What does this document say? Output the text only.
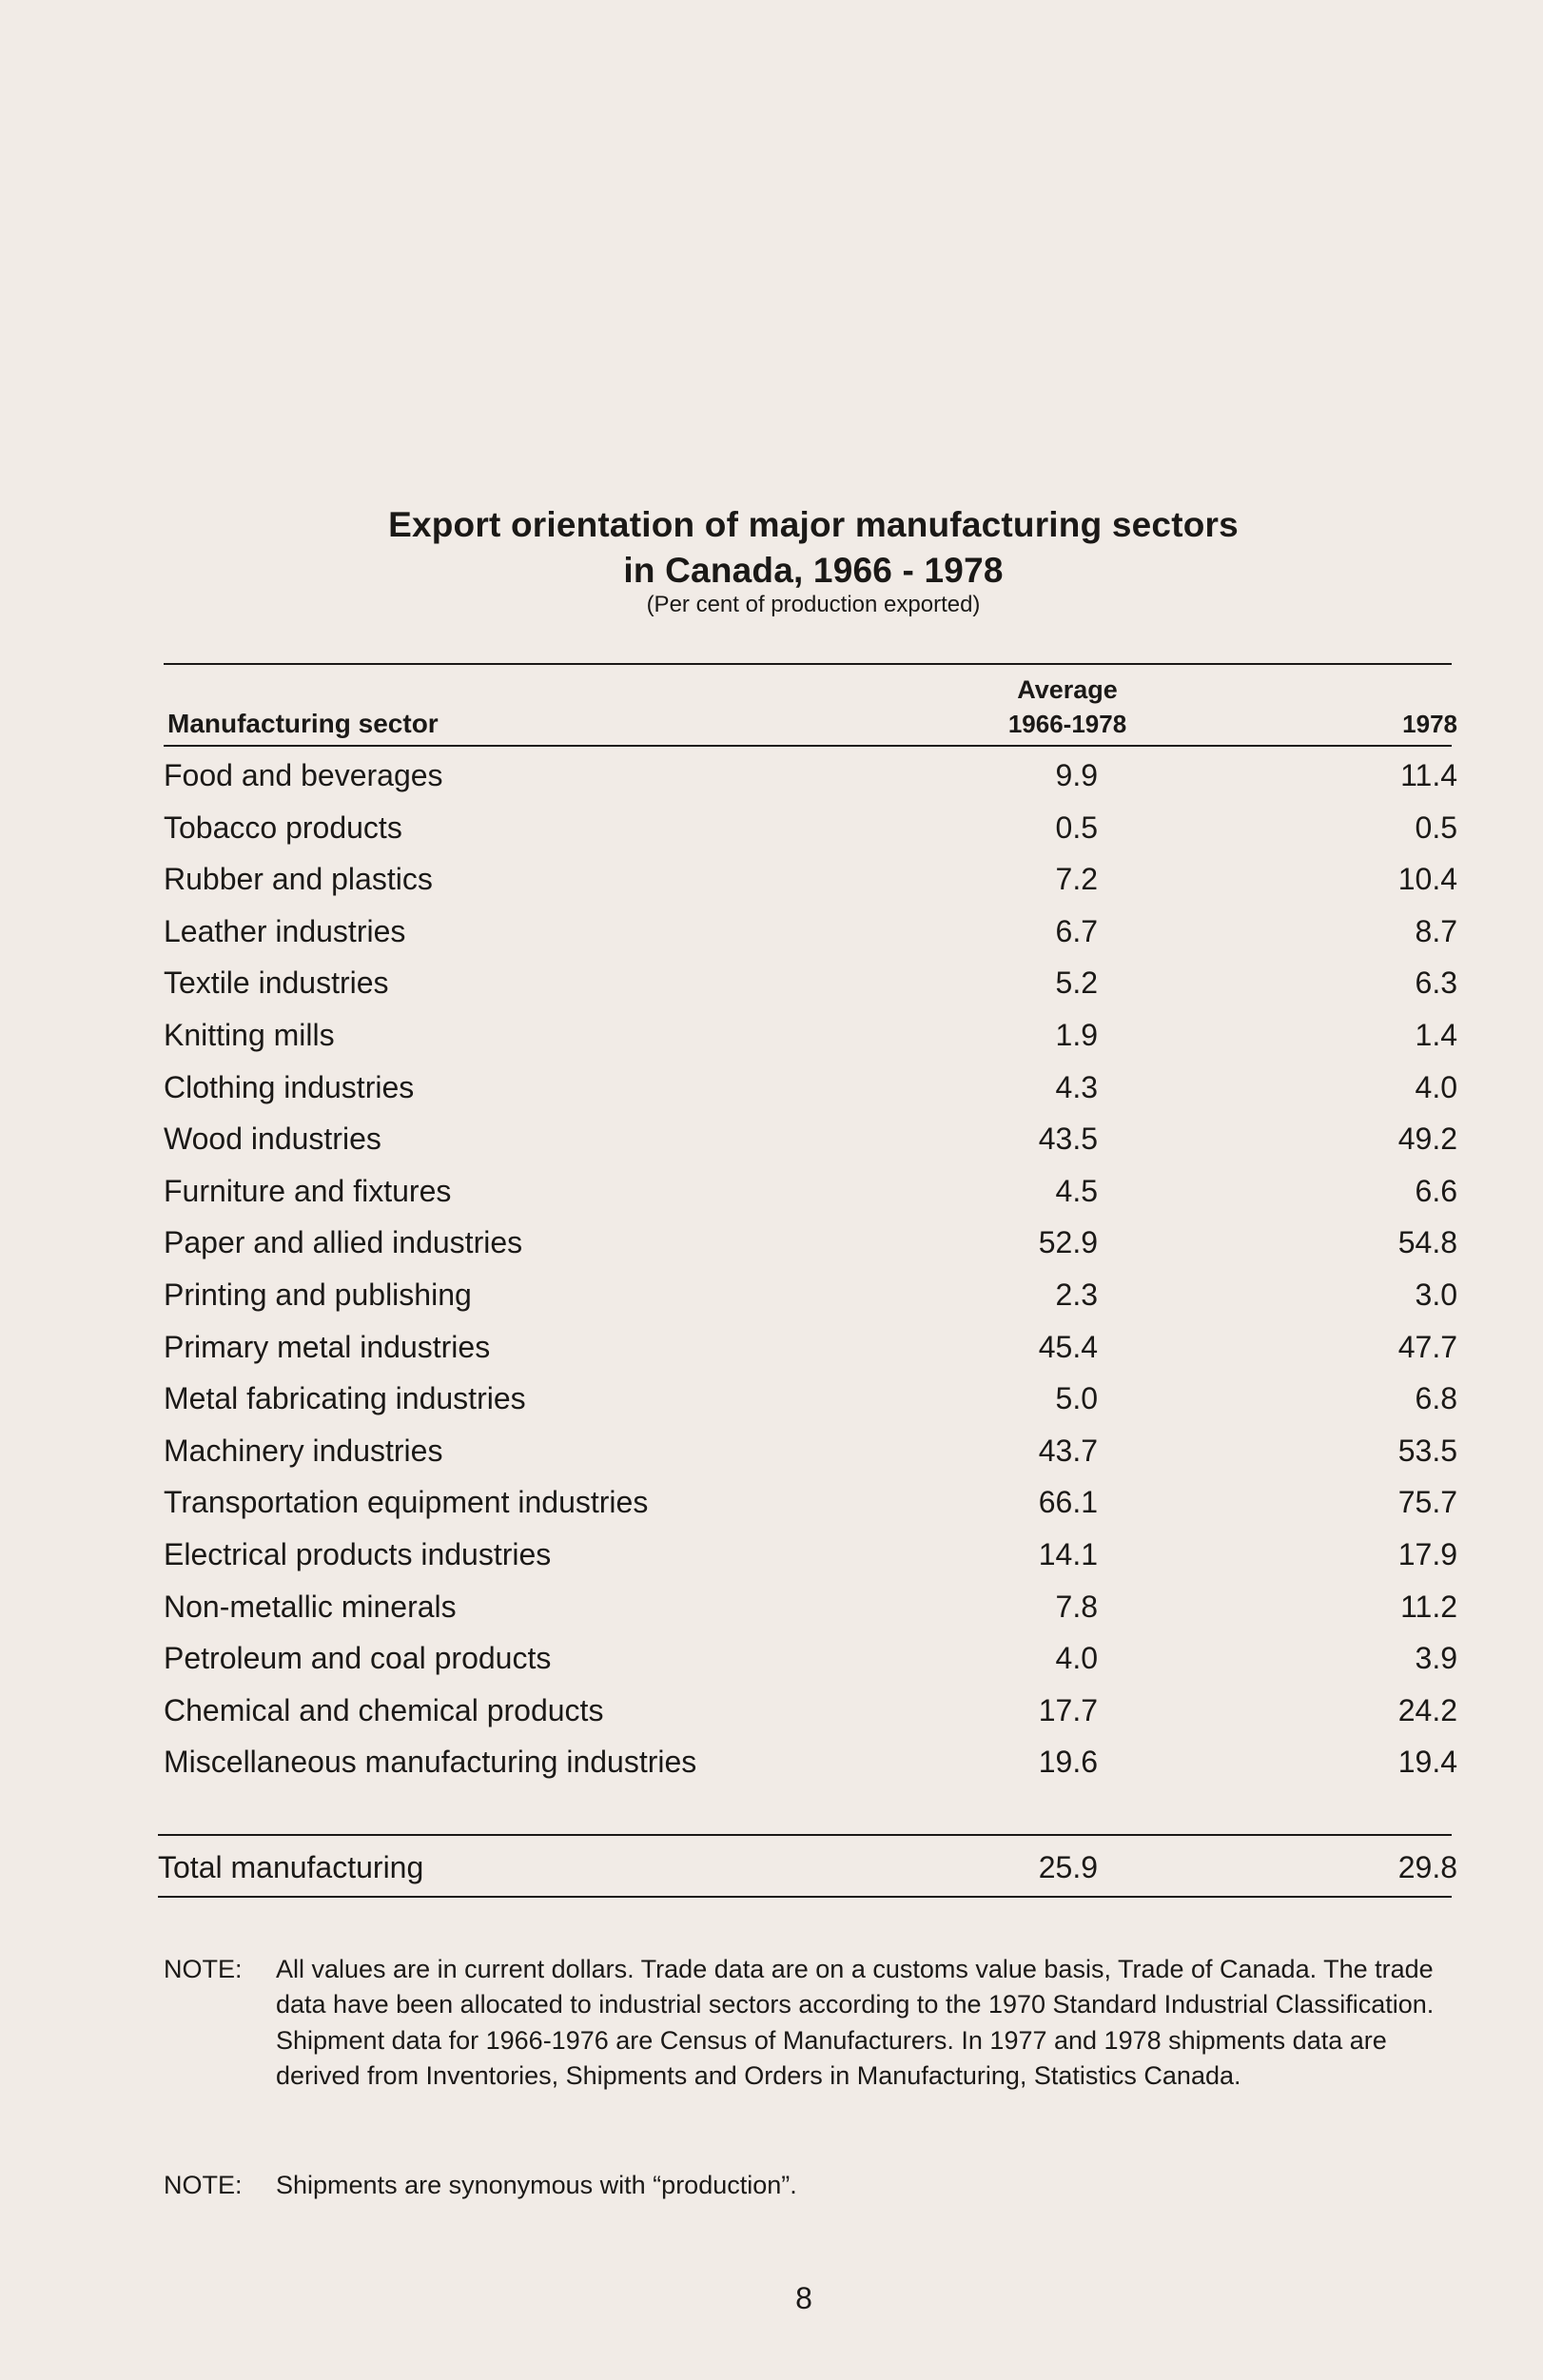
Export orientation of major manufacturing sectors
in Canada, 1966 - 1978
(Per cent of production exported)
Average
Manufacturing sector	1966-1978	1978
Food and beverages	9.9	11.4
Tobacco products	0.5	0.5
Rubber and plastics	7.2	10.4
Leather industries	6.7	8.7
Textile industries	5.2	6.3
Knitting mills	1.9	1.4
Clothing industries	4.3	4.0
Wood industries	43.5	49.2
Furniture and fixtures	4.5	6.6
Paper and allied industries	52.9	54.8
Printing and publishing	2.3	3.0
Primary metal industries	45.4	47.7
Metal fabricating industries	5.0	6.8
Machinery industries	43.7	53.5
Transportation equipment industries	66.1	75.7
Electrical products industries	14.1	17.9
Non-metallic minerals	7.8	11.2
Petroleum and coal products	4.0	3.9
Chemical and chemical products	17.7	24.2
Miscellaneous manufacturing industries	19.6	19.4
Total manufacturing	25.9	29.8
NOTE: All values are in current dollars. Trade data are on a customs value basis, Trade of Canada. The trade data have been allocated to industrial sectors according to the 1970 Standard Industrial Classification. Shipment data for 1966-1976 are Census of Manufacturers. In 1977 and 1978 shipments data are derived from Inventories, Shipments and Orders in Manufacturing, Statistics Canada.
NOTE: Shipments are synonymous with “production”.
8
